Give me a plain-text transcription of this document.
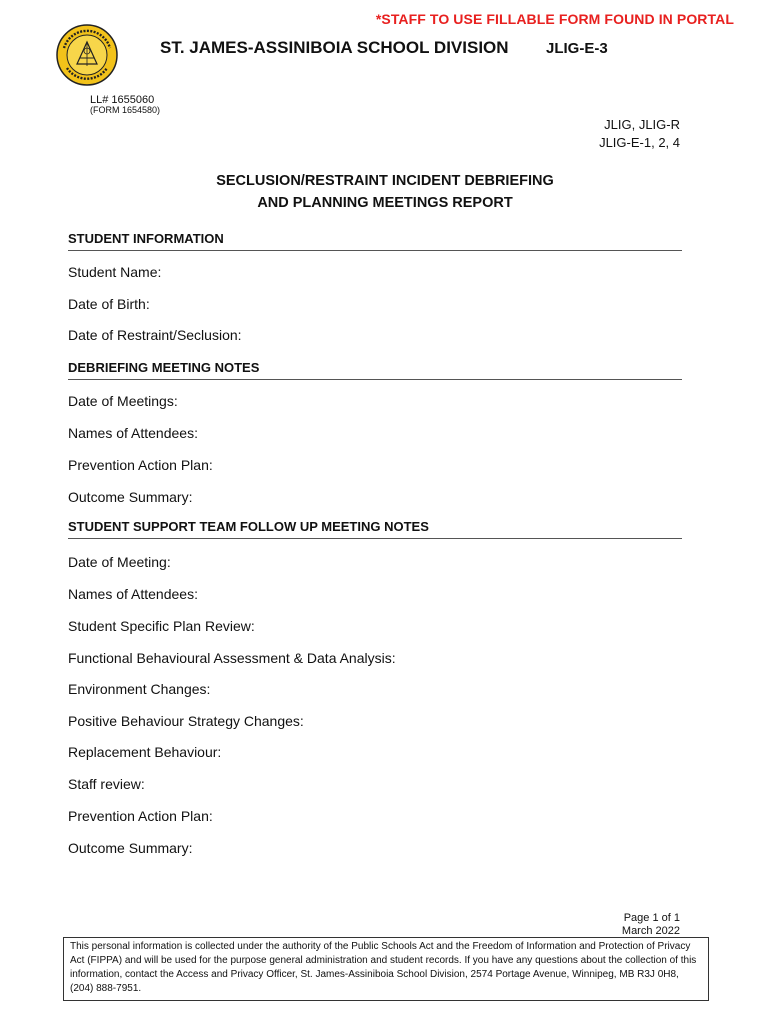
*STAFF TO USE FILLABLE FORM FOUND IN PORTAL
ST. JAMES-ASSINIBOIA SCHOOL DIVISION JLIG-E-3
LL# 1655060
(FORM 1654580)
JLIG, JLIG-R
JLIG-E-1, 2, 4
SECLUSION/RESTRAINT INCIDENT DEBRIEFING
AND PLANNING MEETINGS REPORT
STUDENT INFORMATION
Student Name:
Date of Birth:
Date of Restraint/Seclusion:
DEBRIEFING MEETING NOTES
Date of Meetings:
Names of Attendees:
Prevention Action Plan:
Outcome Summary:
STUDENT SUPPORT TEAM FOLLOW UP MEETING NOTES
Date of Meeting:
Names of Attendees:
Student Specific Plan Review:
Functional Behavioural Assessment & Data Analysis:
Environment Changes:
Positive Behaviour Strategy Changes:
Replacement Behaviour:
Staff review:
Prevention Action Plan:
Outcome Summary:
Page 1 of 1
March 2022
This personal information is collected under the authority of the Public Schools Act and the Freedom of Information and Protection of Privacy Act (FIPPA) and will be used for the purpose general administration and student records. If you have any questions about the collection of this information, contact the Access and Privacy Officer, St. James-Assiniboia School Division, 2574 Portage Avenue, Winnipeg, MB R3J 0H8, (204) 888-7951.
